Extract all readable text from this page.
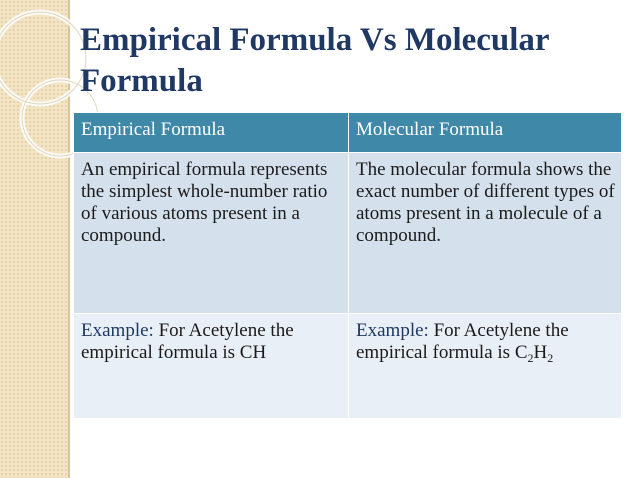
Empirical Formula Vs Molecular Formula
Empirical Formula	Molecular Formula
An empirical formula represents the simplest whole-number ratio of various atoms present in a compound.	The molecular formula shows the exact number of different types of atoms present in a molecule of a compound.
Example: For Acetylene the empirical formula is CH	Example: For Acetylene the empirical formula is $C_2H_2$
